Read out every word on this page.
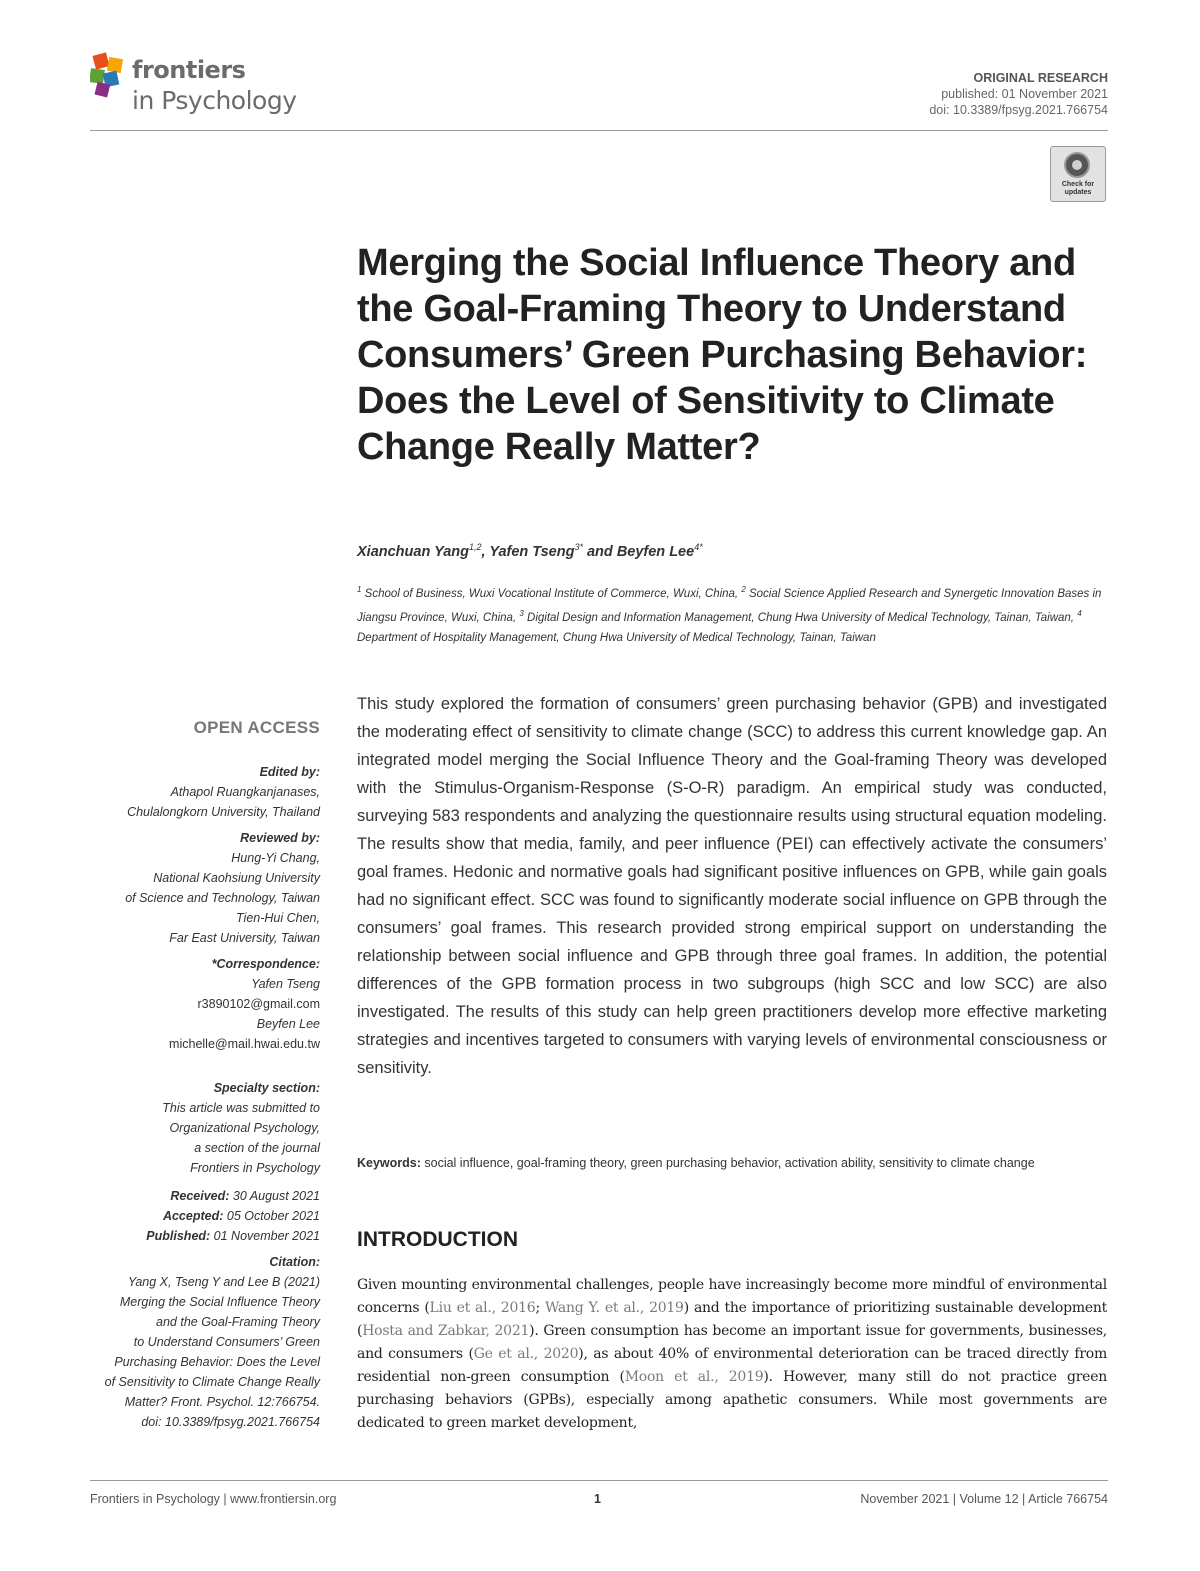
frontiers
in Psychology
ORIGINAL RESEARCH
published: 01 November 2021
doi: 10.3389/fpsyg.2021.766754
Check for updates
Merging the Social Influence Theory and the Goal-Framing Theory to Understand Consumers’ Green Purchasing Behavior: Does the Level of Sensitivity to Climate Change Really Matter?
Xianchuan Yang$^{1,2}$, Yafen Tseng$^{3*}$ and Beyfen Lee$^{4*}$
$^1$ School of Business, Wuxi Vocational Institute of Commerce, Wuxi, China, $^2$ Social Science Applied Research and Synergetic Innovation Bases in Jiangsu Province, Wuxi, China, $^3$ Digital Design and Information Management, Chung Hwa University of Medical Technology, Tainan, Taiwan, $^4$ Department of Hospitality Management, Chung Hwa University of Medical Technology, Tainan, Taiwan
OPEN ACCESS
Edited by:
Athapol Ruangkanjanases,
Chulalongkorn University, Thailand
Reviewed by:
Hung-Yi Chang,
National Kaohsiung University
of Science and Technology, Taiwan
Tien-Hui Chen,
Far East University, Taiwan
*Correspondence:
Yafen Tseng
r3890102@gmail.com
Beyfen Lee
michelle@mail.hwai.edu.tw
Specialty section:
This article was submitted to
Organizational Psychology,
a section of the journal
Frontiers in Psychology
Received: 30 August 2021
Accepted: 05 October 2021
Published: 01 November 2021
Citation:
Yang X, Tseng Y and Lee B (2021)
Merging the Social Influence Theory
and the Goal-Framing Theory
to Understand Consumers’ Green
Purchasing Behavior: Does the Level
of Sensitivity to Climate Change Really
Matter? Front. Psychol. 12:766754.
doi: 10.3389/fpsyg.2021.766754

This study explored the formation of consumers’ green purchasing behavior (GPB) and investigated the moderating effect of sensitivity to climate change (SCC) to address this current knowledge gap. An integrated model merging the Social Influence Theory and the Goal-framing Theory was developed with the Stimulus-Organism-Response (S-O-R) paradigm. An empirical study was conducted, surveying 583 respondents and analyzing the questionnaire results using structural equation modeling. The results show that media, family, and peer influence (PEI) can effectively activate the consumers’ goal frames. Hedonic and normative goals had significant positive influences on GPB, while gain goals had no significant effect. SCC was found to significantly moderate social influence on GPB through the consumers’ goal frames. This research provided strong empirical support on understanding the relationship between social influence and GPB through three goal frames. In addition, the potential differences of the GPB formation process in two subgroups (high SCC and low SCC) are also investigated. The results of this study can help green practitioners develop more effective marketing strategies and incentives targeted to consumers with varying levels of environmental consciousness or sensitivity.

Keywords: social influence, goal-framing theory, green purchasing behavior, activation ability, sensitivity to climate change
INTRODUCTION

Given mounting environmental challenges, people have increasingly become more mindful of environmental concerns (Liu et al., 2016; Wang Y. et al., 2019) and the importance of prioritizing sustainable development (Hosta and Zabkar, 2021). Green consumption has become an important issue for governments, businesses, and consumers (Ge et al., 2020), as about 40% of environmental deterioration can be traced directly from residential non-green consumption (Moon et al., 2019). However, many still do not practice green purchasing behaviors (GPBs), especially among apathetic consumers. While most governments are dedicated to green market development,

Frontiers in Psychology | www.frontiersin.org	1	November 2021 | Volume 12 | Article 766754
